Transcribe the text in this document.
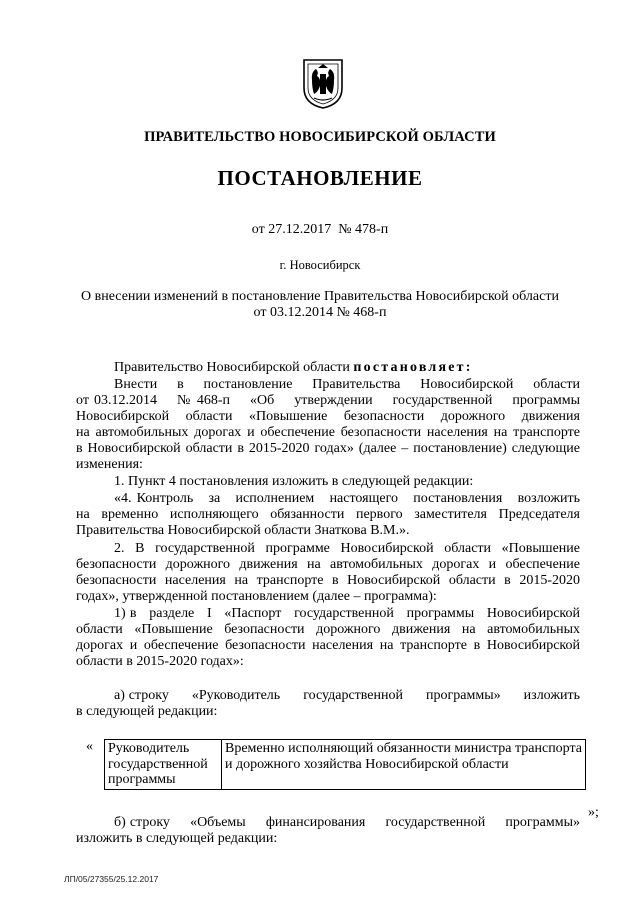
ПРАВИТЕЛЬСТВО НОВОСИБИРСКОЙ ОБЛАСТИ
ПОСТАНОВЛЕНИЕ
от 27.12.2017  № 478-п
г. Новосибирск
О внесении изменений в постановление Правительства Новосибирской области
от 03.12.2014 № 468-п
Правительство Новосибирской области постановляет:
Внести    в    постановление    Правительства    Новосибирской    области
от 03.12.2014    № 468-п    «Об    утверждении    государственной    программы
Новосибирской   области   «Повышение   безопасности   дорожного   движения
на автомобильных дорогах и обеспечение безопасности населения на транспорте
в Новосибирской области в 2015-2020 годах» (далее – постановление) следующие
изменения:
1. Пункт 4 постановления изложить в следующей редакции:
«4. Контроль   за   исполнением   настоящего   постановления   возложить
на временно исполняющего обязанности первого заместителя Председателя
Правительства Новосибирской области Знаткова В.М.».
2. В государственной программе Новосибирской области «Повышение
безопасности дорожного движения на автомобильных дорогах и обеспечение
безопасности населения на транспорте в Новосибирской области в 2015-2020
годах», утвержденной постановлением (далее – программа):
1) в   разделе   I   «Паспорт   государственной   программы   Новосибирской
области  «Повышение  безопасности  дорожного  движения  на  автомобильных
дорогах и обеспечение безопасности населения на транспорте в Новосибирской
области в 2015-2020 годах»:
а) строку      «Руководитель      государственной      программы»      изложить
в следующей редакции:
« Руководитель государственной программы	Временно исполняющий обязанности министра транспорта и дорожного хозяйства Новосибирской области
»;
б) строку     «Объемы     финансирования     государственной     программы»
изложить в следующей редакции:
ЛП/05/27355/25.12.2017
